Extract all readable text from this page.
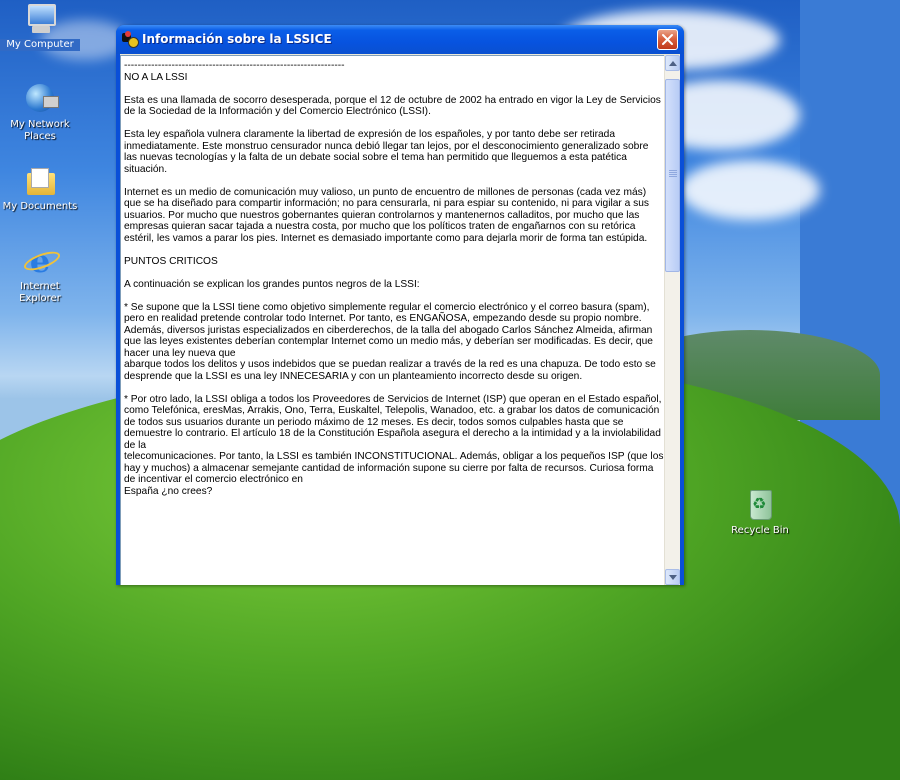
My Computer
My Network Places
My Documents
e
Internet Explorer
♻
Recycle Bin
Información sobre la LSSICE

-----------------------------------------------------------------

NO A LA LSSI

Esta es una llamada de socorro desesperada, porque el 12 de octubre de 2002 ha entrado en vigor la Ley de Servicios de la Sociedad de la Información y del Comercio Electrónico (LSSI).

Esta ley española vulnera claramente la libertad de expresión de los españoles, y por tanto debe ser retirada inmediatamente. Este monstruo censurador nunca debió llegar tan lejos, por el desconocimiento generalizado sobre las nuevas tecnologías y la falta de un debate social sobre el tema han permitido que lleguemos a esta patética situación.

Internet es un medio de comunicación muy valioso, un punto de encuentro de millones de personas (cada vez más) que se ha diseñado para compartir información; no para censurarla, ni para espiar su contenido, ni para vigilar a sus usuarios. Por mucho que nuestros gobernantes quieran controlarnos y mantenernos calladitos, por mucho que las empresas quieran sacar tajada a nuestra costa, por mucho que los políticos traten de engañarnos con su retórica estéril, les vamos a parar los pies. Internet es demasiado importante como para dejarla morir de forma tan estúpida.

PUNTOS CRITICOS

A continuación se explican los grandes puntos negros de la LSSI:

* Se supone que la LSSI tiene como objetivo simplemente regular el comercio electrónico y el correo basura (spam), pero en realidad pretende controlar todo Internet. Por tanto, es ENGAÑOSA, empezando desde su propio nombre. Además, diversos juristas especializados en ciberderechos, de la talla del abogado Carlos Sánchez Almeida, afirman que las leyes existentes deberían contemplar Internet como un medio más, y deberían ser modificadas. Es decir, que hacer una ley nueva que

abarque todos los delitos y usos indebidos que se puedan realizar a través de la red es una chapuza. De todo esto se desprende que la LSSI es una ley INNECESARIA y con un planteamiento incorrecto desde su origen.

* Por otro lado, la LSSI obliga a todos los Proveedores de Servicios de Internet (ISP) que operan en el Estado español, como Telefónica, eresMas, Arrakis, Ono, Terra, Euskaltel, Telepolis, Wanadoo, etc. a grabar los datos de comunicación de todos sus usuarios durante un periodo máximo de 12 meses. Es decir, todos somos culpables hasta que se demuestre lo contrario. El artículo 18 de la Constitución Española asegura el derecho a la intimidad y a la inviolabilidad de la

telecomunicaciones. Por tanto, la LSSI es también INCONSTITUCIONAL. Además, obligar a los pequeños ISP (que los hay y muchos) a almacenar semejante cantidad de información supone su cierre por falta de recursos. Curiosa forma de incentivar el comercio electrónico en

España ¿no crees?
